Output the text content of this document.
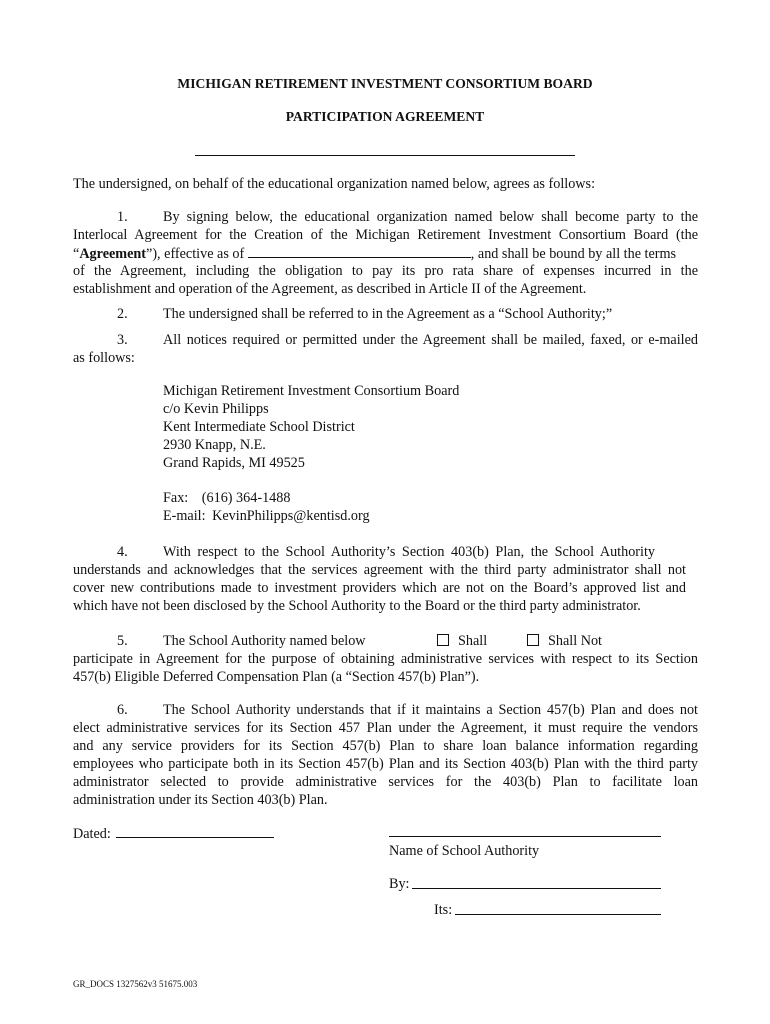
MICHIGAN RETIREMENT INVESTMENT CONSORTIUM BOARD
PARTICIPATION AGREEMENT
The undersigned, on behalf of the educational organization named below, agrees as follows:
1. By signing below, the educational organization named below shall become party to the
Interlocal Agreement for the Creation of the Michigan Retirement Investment Consortium Board (the
“Agreement”), effective as of	, and shall be bound by all the terms
of the Agreement, including the obligation to pay its pro rata share of expenses incurred in the
establishment and operation of the Agreement, as described in Article II of the Agreement.
2. The undersigned shall be referred to in the Agreement as a “School Authority;”
3. All notices required or permitted under the Agreement shall be mailed, faxed, or e-mailed
as follows:
Michigan Retirement Investment Consortium Board
c/o Kevin Philipps
Kent Intermediate School District
2930 Knapp, N.E.
Grand Rapids, MI 49525
Fax: (616) 364-1488
E-mail: KevinPhilipps@kentisd.org
4. With respect to the School Authority’s Section 403(b) Plan, the School Authority
understands and acknowledges that the services agreement with the third party administrator shall not
cover new contributions made to investment providers which are not on the Board’s approved list and
which have not been disclosed by the School Authority to the Board or the third party administrator.
5. The School Authority named below	Shall	Shall Not
participate in Agreement for the purpose of obtaining administrative services with respect to its Section
457(b) Eligible Deferred Compensation Plan (a “Section 457(b) Plan”).
6. The School Authority understands that if it maintains a Section 457(b) Plan and does not
elect administrative services for its Section 457 Plan under the Agreement, it must require the vendors
and any service providers for its Section 457(b) Plan to share loan balance information regarding
employees who participate both in its Section 457(b) Plan and its Section 403(b) Plan with the third party
administrator selected to provide administrative services for the 403(b) Plan to facilitate loan
administration under its Section 403(b) Plan.
Dated:
Name of School Authority
By:
Its:
GR_DOCS 1327562v3 51675.003
